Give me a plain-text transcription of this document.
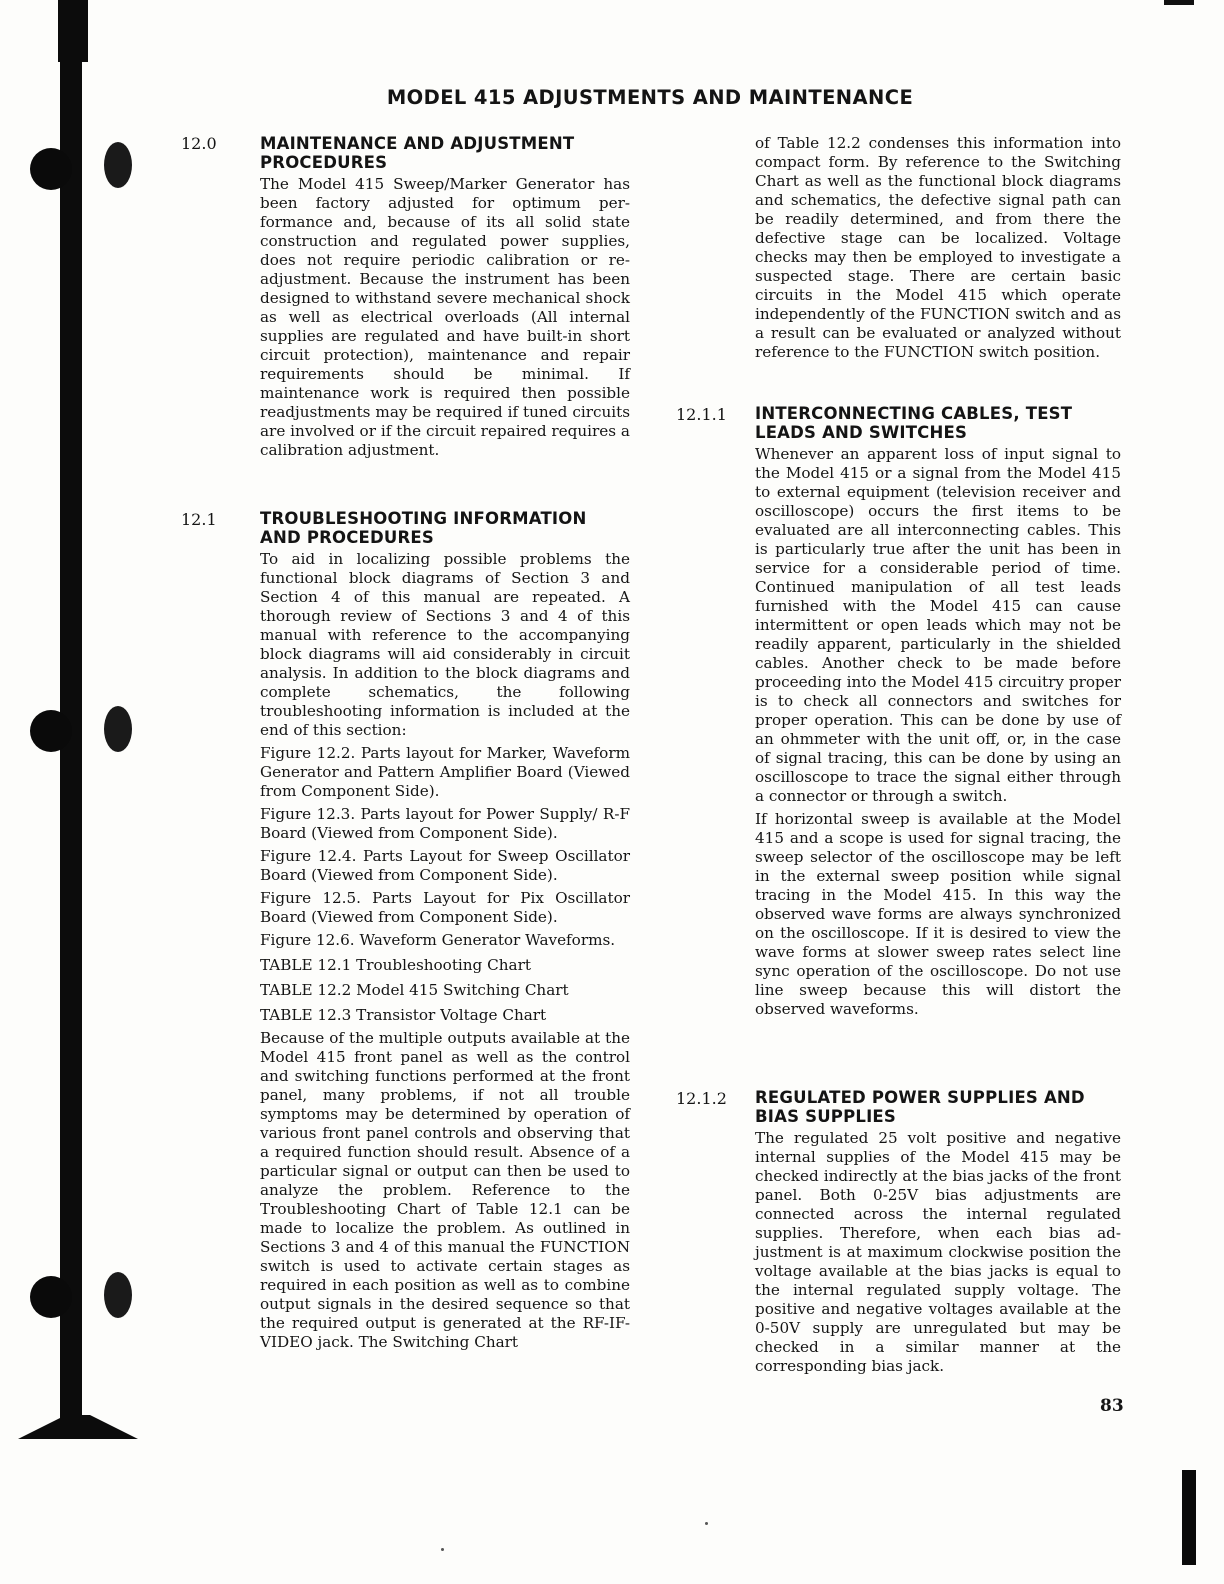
MODEL 415 ADJUSTMENTS AND MAINTENANCE
12.0	MAINTENANCE AND ADJUSTMENT PROCEDURES

The Model 415 Sweep/Marker Generator has been factory adjusted for optimum performance and, because of its all solid state construction and regulated power supplies, does not require periodic calibration or readjustment. Because the instrument has been designed to withstand severe mechanical shock as well as electrical overloads (All internal supplies are regulated and have built-in short circuit protection), maintenance and repair requirements should be minimal. If maintenance work is required then possible readjustments may be required if tuned circuits are involved or if the circuit repaired requires a calibration adjustment.

12.1	TROUBLESHOOTING INFORMATION AND PROCEDURES

To aid in localizing possible problems the functional block diagrams of Section 3 and Section 4 of this manual are repeated. A thorough review of Sections 3 and 4 of this manual with reference to the accompanying block diagrams will aid considerably in circuit analysis. In addition to the block diagrams and complete schematics, the following troubleshooting information is included at the end of this section:

Figure 12.2. Parts layout for Marker, Waveform Generator and Pattern Amplifier Board (Viewed from Component Side).

Figure 12.3. Parts layout for Power Supply/ R-F Board (Viewed from Component Side).

Figure 12.4. Parts Layout for Sweep Oscillator Board (Viewed from Component Side).

Figure 12.5. Parts Layout for Pix Oscillator Board (Viewed from Component Side).

Figure 12.6. Waveform Generator Waveforms.

TABLE 12.1 Troubleshooting Chart

TABLE 12.2 Model 415 Switching Chart

TABLE 12.3 Transistor Voltage Chart

Because of the multiple outputs available at the Model 415 front panel as well as the control and switching functions performed at the front panel, many problems, if not all trouble symptoms may be determined by operation of various front panel controls and observing that a required function should result. Absence of a particular signal or output can then be used to analyze the problem. Reference to the Troubleshooting Chart of Table 12.1 can be made to localize the problem. As outlined in Sections 3 and 4 of this manual the FUNCTION switch is used to activate certain stages as required in each position as well as to combine output signals in the desired sequence so that the required output is generated at the RF-IF-VIDEO jack. The Switching Chart

of Table 12.2 condenses this information into compact form. By reference to the Switching Chart as well as the functional block diagrams and schematics, the defective signal path can be readily determined, and from there the defective stage can be localized. Voltage checks may then be employed to investigate a suspected stage. There are certain basic circuits in the Model 415 which operate independently of the FUNCTION switch and as a result can be evaluated or analyzed without reference to the FUNCTION switch position.

12.1.1 INTERCONNECTING CABLES, TEST LEADS AND SWITCHES

Whenever an apparent loss of input signal to the Model 415 or a signal from the Model 415 to external equipment (television receiver and oscilloscope) occurs the first items to be evaluated are all interconnecting cables. This is particularly true after the unit has been in service for a considerable period of time. Continued manipulation of all test leads furnished with the Model 415 can cause intermittent or open leads which may not be readily apparent, particularly in the shielded cables. Another check to be made before proceeding into the Model 415 circuitry proper is to check all connectors and switches for proper operation. This can be done by use of an ohmmeter with the unit off, or, in the case of signal tracing, this can be done by using an oscilloscope to trace the signal either through a connector or through a switch.

If horizontal sweep is available at the Model 415 and a scope is used for signal tracing, the sweep selector of the oscilloscope may be left in the external sweep position while signal tracing in the Model 415. In this way the observed wave forms are always synchronized on the oscilloscope. If it is desired to view the wave forms at slower sweep rates select line sync operation of the oscilloscope. Do not use line sweep because this will distort the observed waveforms.

12.1.2 REGULATED POWER SUPPLIES AND BIAS SUPPLIES

The regulated 25 volt positive and negative internal supplies of the Model 415 may be checked indirectly at the bias jacks of the front panel. Both 0-25V bias adjustments are connected across the internal regulated supplies. Therefore, when each bias adjustment is at maximum clockwise position the voltage available at the bias jacks is equal to the internal regulated supply voltage. The positive and negative voltages available at the 0-50V supply are unregulated but may be checked in a similar manner at the corresponding bias jack.

83
